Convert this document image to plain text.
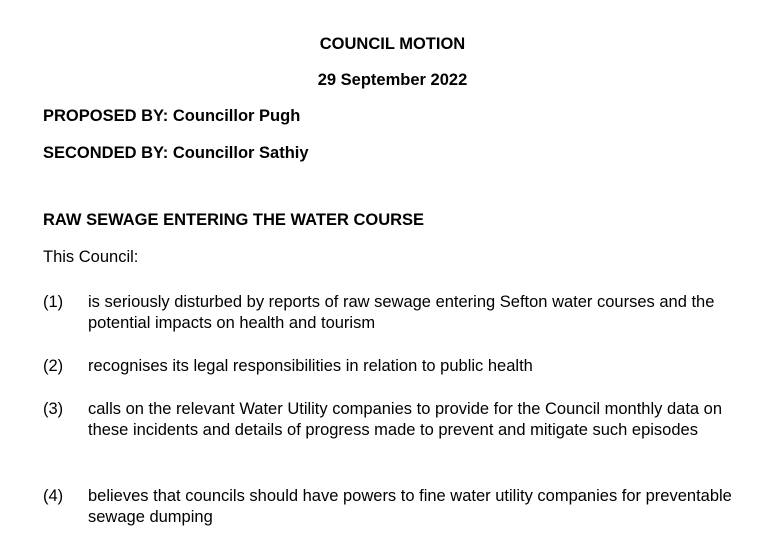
COUNCIL MOTION
29 September 2022
PROPOSED BY: Councillor Pugh
SECONDED BY: Councillor Sathiy
RAW SEWAGE ENTERING THE WATER COURSE
This Council:
(1) is seriously disturbed by reports of raw sewage entering Sefton water courses and the potential impacts on health and tourism
(2) recognises its legal responsibilities in relation to public health
(3) calls on the relevant Water Utility companies to provide for the Council monthly data on these incidents and details of progress made to prevent and mitigate such episodes
(4) believes that councils should have powers to fine water utility companies for preventable sewage dumping
